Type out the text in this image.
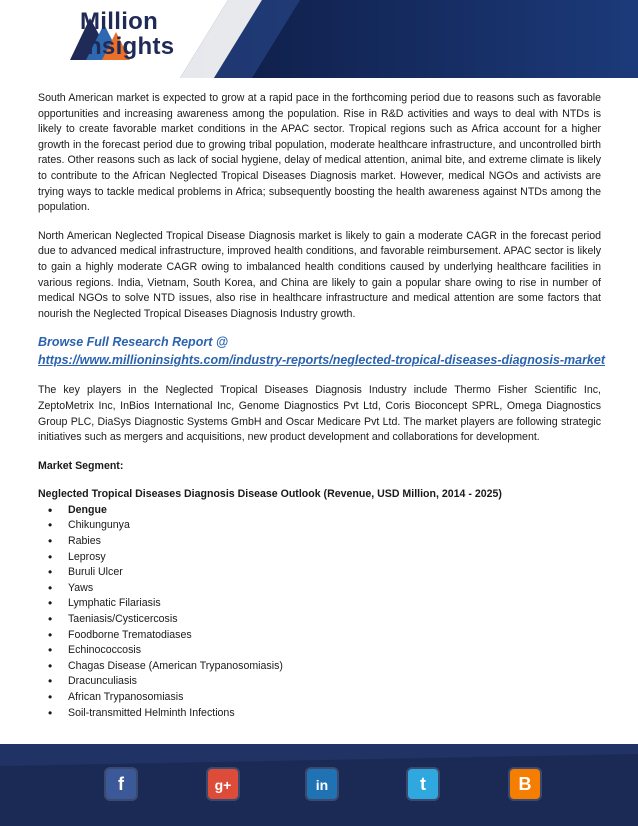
Million
Insights

South American market is expected to grow at a rapid pace in the forthcoming period due to reasons such as favorable opportunities and increasing awareness among the population. Rise in R&D activities and ways to deal with NTDs is likely to create favorable market conditions in the APAC sector. Tropical regions such as Africa account for a higher growth in the forecast period due to growing tribal population, moderate healthcare infrastructure, and uncontrolled birth rates. Other reasons such as lack of social hygiene, delay of medical attention, animal bite, and extreme climate is likely to contribute to the African Neglected Tropical Diseases Diagnosis market. However, medical NGOs and activists are trying ways to tackle medical problems in Africa; subsequently boosting the health awareness against NTDs among the population.

North American Neglected Tropical Disease Diagnosis market is likely to gain a moderate CAGR in the forecast period due to advanced medical infrastructure, improved health conditions, and favorable reimbursement. APAC sector is likely to gain a highly moderate CAGR owing to imbalanced health conditions caused by underlying healthcare facilities in various regions. India, Vietnam, South Korea, and China are likely to gain a popular share owing to rise in number of medical NGOs to solve NTD issues, also rise in healthcare infrastructure and medical attention are some factors that nourish the Neglected Tropical Diseases Diagnosis Industry growth.

Browse Full Research Report @
https://www.millioninsights.com/industry-reports/neglected-tropical-diseases-diagnosis-market

The key players in the Neglected Tropical Diseases Diagnosis Industry include Thermo Fisher Scientific Inc, ZeptoMetrix Inc, InBios International Inc, Genome Diagnostics Pvt Ltd, Coris Bioconcept SPRL, Omega Diagnostics Group PLC, DiaSys Diagnostic Systems GmbH and Oscar Medicare Pvt Ltd. The market players are following strategic initiatives such as mergers and acquisitions, new product development and collaborations for development.

Market Segment:
Neglected Tropical Diseases Diagnosis Disease Outlook (Revenue, USD Million, 2014 - 2025)
• Dengue
• Chikungunya
• Rabies
• Leprosy
• Buruli Ulcer
• Yaws
• Lymphatic Filariasis
• Taeniasis/Cysticercosis
• Foodborne Trematodiases
• Echinococcosis
• Chagas Disease (American Trypanosomiasis)
• Dracunculiasis
• African Trypanosomiasis
• Soil-transmitted Helminth Infections
f	g+	in	t	B
